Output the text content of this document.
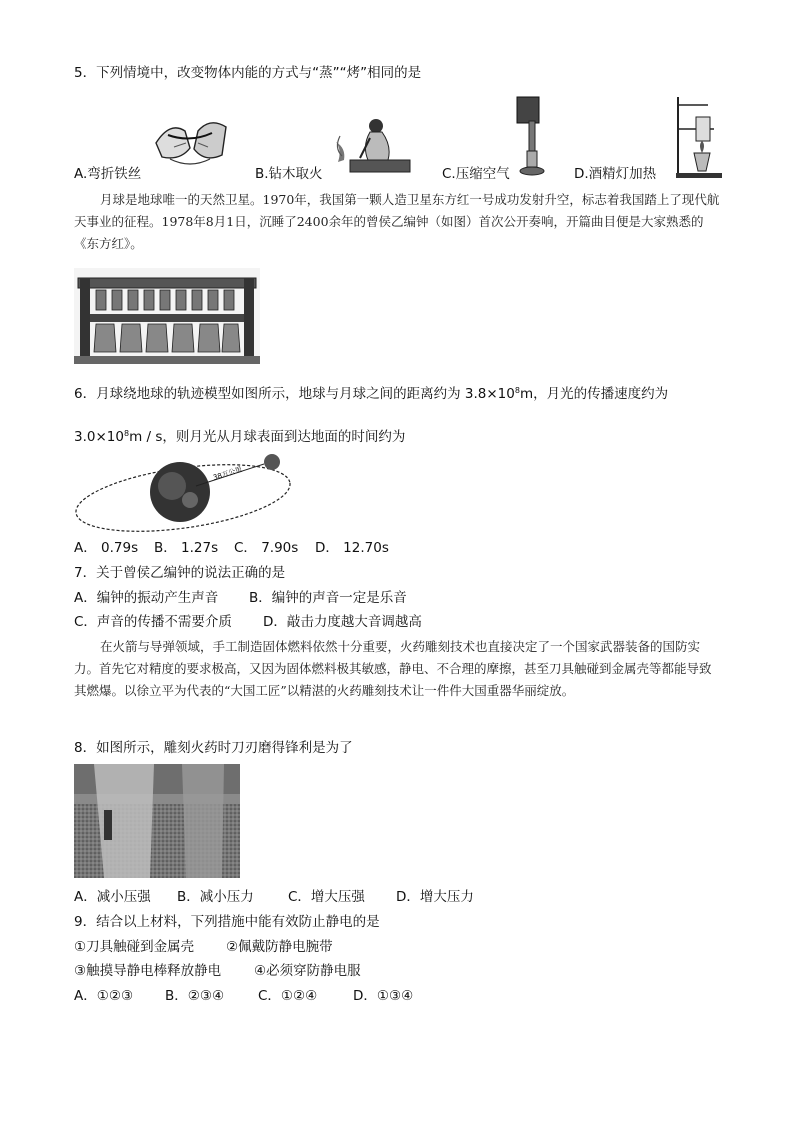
5．下列情境中，改变物体内能的方式与“蒸”“烤”相同的是
A.弯折铁丝	B.钻木取火	C.压缩空气	D.酒精灯加热
月球是地球唯一的天然卫星。1970年，我国第一颗人造卫星东方红一号成功发射升空，标志着我国踏上了现代航天事业的征程。1978年8月1日，沉睡了2400余年的曾侯乙编钟（如图）首次公开奏响，开篇曲目便是大家熟悉的《东方红》。
6．月球绕地球的轨迹模型如图所示，地球与月球之间的距离约为 $3.8\times 10^8m$，月光的传播速度约为
$3.0\times 10^8m / s$，则月光从月球表面到达地面的时间约为
38万公里
A． 0.79s B． 1.27s C． 7.90s D． 12.70s
7．关于曾侯乙编钟的说法正确的是
A．编钟的振动产生声音 B．编钟的声音一定是乐音
C．声音的传播不需要介质 D．敲击力度越大音调越高
在火箭与导弹领域，手工制造固体燃料依然十分重要，火药雕刻技术也直接决定了一个国家武器装备的国防实力。首先它对精度的要求极高，又因为固体燃料极其敏感，静电、不合理的摩擦，甚至刀具触碰到金属壳等都能导致其燃爆。以徐立平为代表的“大国工匠”以精湛的火药雕刻技术让一件件大国重器华丽绽放。
8．如图所示，雕刻火药时刀刃磨得锋利是为了
A．减小压强 B．减小压力	C．增大压强 D．增大压力
9．结合以上材料，下列措施中能有效防止静电的是
①刀具触碰到金属壳 ②佩戴防静电腕带
③触摸导静电棒释放静电 ④必须穿防静电服
A．①②③ B．②③④	C．①②④	D．①③④
